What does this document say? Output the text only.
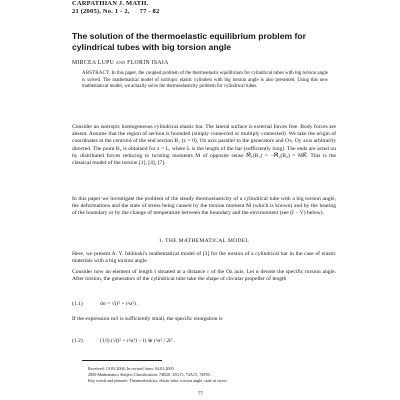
CARPATHIAN J. MATH.
21 (2005), No. 1 - 2, 77 - 82
The solution of the thermoelastic equilibrium problem for cylindrical tubes with big torsion angle
MIRCEA LUPU and FLORIN ISAIA
ABSTRACT. In this paper, the coupled problem of the thermoelastic equilibrium for cylindrical tubes with big torsion angle is solved. The mathematical model of isotropic elastic cylinders with big torsion angle is also presented. Using this new mathematical model, we actually solve the thermoelasticity problem for cylindrical tubes.
Consider an isotropic homogeneous cylindrical elastic bar. The lateral surface is external forces free. Body forces are absent. Assume that the region of section is bounded (simply connected or multiply connected). We take the origin of coordinates at the centroid of the end section B₁ (z = 0), Oz axis parallel to the generators and Ox, Oy axis arbitrarily directed. The point B₂ is obtained for z = L, where L is the length of the bar (sufficiently long). The ends are acted on by distributed forces reducing to twisting moments M of opposite sense M⃗₁(B₁) = −M⃗₁(B₂) = MK⃗. This is the classical model of the torsion [1], [4], [7].
In this paper we investigate the problem of the steady thermoelasticity of a cylindrical tube with a big torsion angle, the deformations and the state of stress being caused by the torsion moment M (which is known) and by the heating of the boundary or by the change of temperature between the boundary and the environment (see (I − V) below).
1. THE MATHEMATICAL MODEL
Here, we present A. Y. Ishlinski's mathematical model of [3] for the torsion of a cylindrical bar in the case of elastic materials with a big torsion angle.
Consider now an element of length l situated at a distance r of the Oz axis. Let α denote the specific torsion angle. After torsion, the generators of the cylindrical tube take the shape of circular propeller of length
(1.1)	dσ = √(l² + r²α²) .
If the expression rα/l is sufficiently small, the specific elongation is
(1.2)	(1/l) (√(l² + r²α²) − l) ≅ r²α² / 2l² .
Received: 10.03.2004; In revised form: 04.01.2005
2000 Mathematics Subject Classification: 74B20, 35G15, 74A15, 74F05.
Key words and phrases: Thermoelasticity, elastic tube, torsion angle, state of stress.
77
